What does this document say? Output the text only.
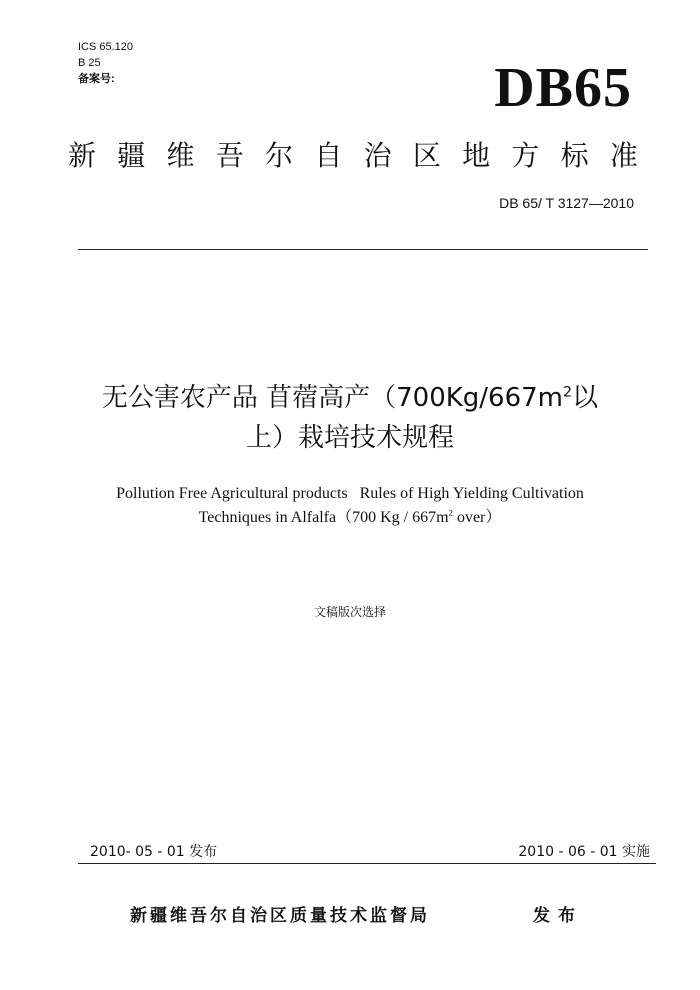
ICS 65.120
B 25
备案号:	DB65
新 疆 维 吾 尔 自 治 区 地 方 标 准
DB 65/ T 3127—2010
无公害农产品 苜蓿高产（$700Kg/667m^2$以
上）栽培技术规程
Pollution Free Agricultural products   Rules of High Yielding Cultivation
Techniques in Alfalfa（700 Kg / $667m^2$ over）
文稿版次选择
2010- 05 - 01 发布	2010 - 06 - 01 实施
新疆维吾尔自治区质量技术监督局	发布
